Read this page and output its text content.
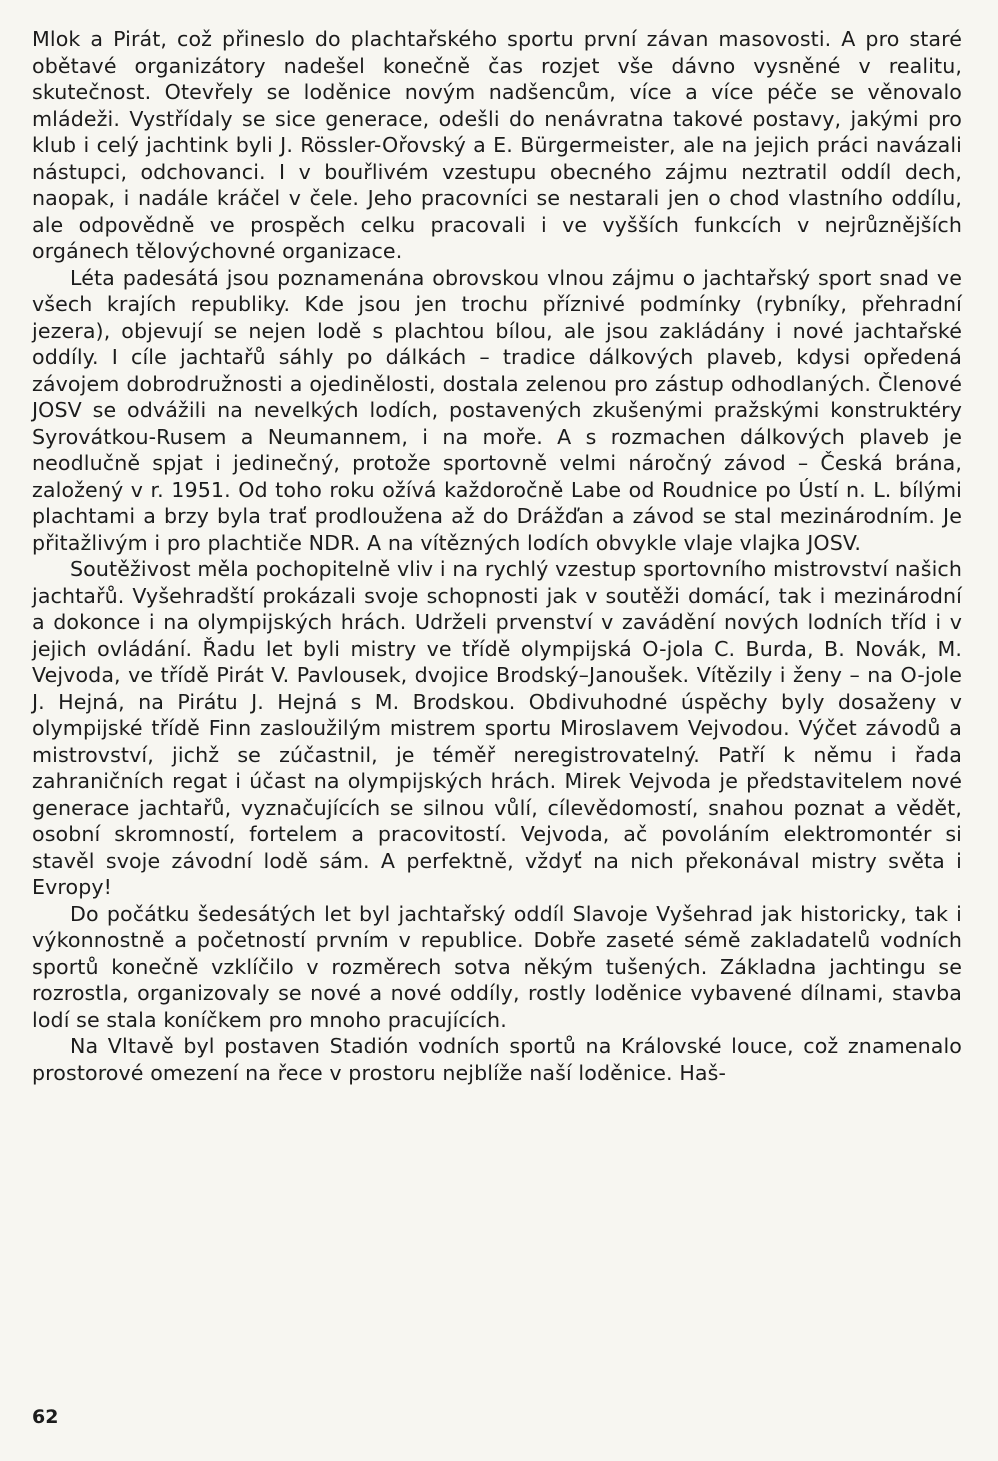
Mlok a Pirát, což přineslo do plachtařského sportu první závan masovosti. A pro staré obětavé organizátory nadešel konečně čas rozjet vše dávno vysněné v realitu, skutečnost. Otevřely se loděnice novým nadšencům, více a více péče se věnovalo mládeži. Vystřídaly se sice generace, odešli do nenávratna takové postavy, jakými pro klub i celý jachtink byli J. Rössler-Ořovský a E. Bürgermeister, ale na jejich práci navázali nástupci, odchovanci. I v bouřlivém vzestupu obecného zájmu neztratil oddíl dech, naopak, i nadále kráčel v čele. Jeho pracovníci se nestarali jen o chod vlastního oddílu, ale odpovědně ve prospěch celku pracovali i ve vyšších funkcích v nejrůznějších orgánech tělovýchovné organizace.

Léta padesátá jsou poznamenána obrovskou vlnou zájmu o jachtařský sport snad ve všech krajích republiky. Kde jsou jen trochu příznivé podmínky (rybníky, přehradní jezera), objevují se nejen lodě s plachtou bílou, ale jsou zakládány i nové jachtařské oddíly. I cíle jachtařů sáhly po dálkách – tradice dálkových plaveb, kdysi opředená závojem dobrodružnosti a ojedinělosti, dostala zelenou pro zástup odhodlaných. Členové JOSV se odvážili na nevelkých lodích, postavených zkušenými pražskými konstruktéry Syrovátkou-Rusem a Neumannem, i na moře. A s rozmachen dálkových plaveb je neodlučně spjat i jedinečný, protože sportovně velmi náročný závod – Česká brána, založený v r. 1951. Od toho roku ožívá každoročně Labe od Roudnice po Ústí n. L. bílými plachtami a brzy byla trať prodloužena až do Drážďan a závod se stal mezinárodním. Je přitažlivým i pro plachtiče NDR. A na vítězných lodích obvykle vlaje vlajka JOSV.

Soutěživost měla pochopitelně vliv i na rychlý vzestup sportovního mistrovství našich jachtařů. Vyšehradští prokázali svoje schopnosti jak v soutěži domácí, tak i mezinárodní a dokonce i na olympijských hrách. Udrželi prvenství v zavádění nových lodních tříd i v jejich ovládání. Řadu let byli mistry ve třídě olympijská O-jola C. Burda, B. Novák, M. Vejvoda, ve třídě Pirát V. Pavlousek, dvojice Brodský–Janoušek. Vítězily i ženy – na O-jole J. Hejná, na Pirátu J. Hejná s M. Brodskou. Obdivuhodné úspěchy byly dosaženy v olympijské třídě Finn zasloužilým mistrem sportu Miroslavem Vejvodou. Výčet závodů a mistrovství, jichž se zúčastnil, je téměř neregistrovatelný. Patří k němu i řada zahraničních regat i účast na olympijských hrách. Mirek Vejvoda je představitelem nové generace jachtařů, vyznačujících se silnou vůlí, cílevědomostí, snahou poznat a vědět, osobní skromností, fortelem a pracovitostí. Vejvoda, ač povoláním elektromontér si stavěl svoje závodní lodě sám. A perfektně, vždyť na nich překonával mistry světa i Evropy!

Do počátku šedesátých let byl jachtařský oddíl Slavoje Vyšehrad jak historicky, tak i výkonnostně a početností prvním v republice. Dobře zaseté sémě zakladatelů vodních sportů konečně vzklíčilo v rozměrech sotva někým tušených. Základna jachtingu se rozrostla, organizovaly se nové a nové oddíly, rostly loděnice vybavené dílnami, stavba lodí se stala koníčkem pro mnoho pracujících.

Na Vltavě byl postaven Stadión vodních sportů na Královské louce, což znamenalo prostorové omezení na řece v prostoru nejblíže naší loděnice. Haš-

62
